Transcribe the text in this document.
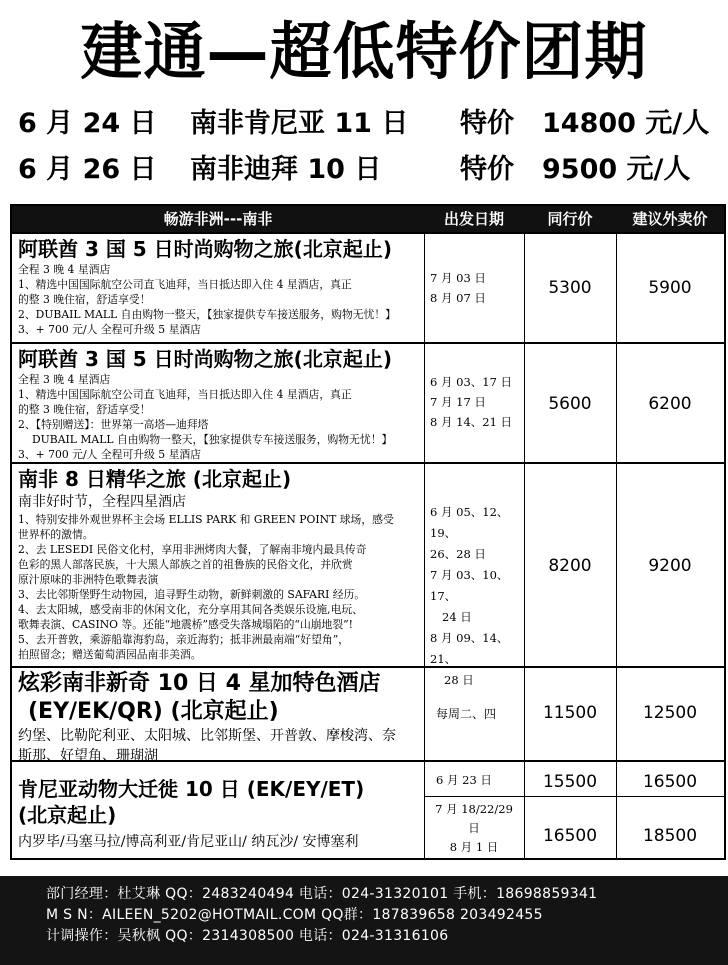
建通—超低特价团期
6 月 24 日 南非肯尼亚 11 日 特价 14800 元/人
6 月 26 日 南非迪拜 10 日	特价 9500 元/人
畅游非洲---南非	出发日期	同行价	建议外卖价
阿联酋 3 国 5 日时尚购物之旅(北京起止)
全程 3 晚 4 星酒店
1、精选中国国际航空公司直飞迪拜，当日抵达即入住 4 星酒店，真正
的整 3 晚住宿，舒适享受！
2、DUBAIL MALL 自由购物一整天，【独家提供专车接送服务，购物无忧！】
3、+ 700 元/人 全程可升级 5 星酒店
7 月 03 日
8 月 07 日	5300	5900
阿联酋 3 国 5 日时尚购物之旅(北京起止)
全程 3 晚 4 星酒店
1、精选中国国际航空公司直飞迪拜，当日抵达即入住 4 星酒店，真正
的整 3 晚住宿，舒适享受！
2、【特别赠送】：世界第一高塔—迪拜塔
DUBAIL MALL 自由购物一整天，【独家提供专车接送服务，购物无忧！】
3、+ 700 元/人 全程可升级 5 星酒店
6 月 03、17 日
7 月 17 日
8 月 14、21 日
5600	6200
南非 8 日精华之旅 (北京起止)
南非好时节，全程四星酒店
1、特别安排外观世界杯主会场 ELLIS PARK 和 GREEN POINT 球场，感受
世界杯的激情。
2、去 LESEDI 民俗文化村，享用非洲烤肉大餐，了解南非境内最具传奇
色彩的黑人部落民族，十大黑人部族之首的祖鲁族的民俗文化，并欣赏
原汁原味的非洲特色歌舞表演
3、去比邻斯堡野生动物园，追寻野生动物，新鲜刺激的 SAFARI 经历。
4、去太阳城，感受南非的休闲文化，充分享用其间各类娱乐设施,电玩、
歌舞表演、CASINO 等。还能“地震桥”感受失落城塌陷的“山崩地裂”!
5、去开普敦，乘游船靠海豹岛，亲近海豹；抵非洲最南端“好望角”，
拍照留念；赠送葡萄酒园品南非美酒。
6 月 05、12、19、
26、28 日
7 月 03、10、17、
24 日
8 月 09、14、21、
28 日
8200	9200
炫彩南非新奇 10 日 4 星加特色酒店
(EY/EK/QR) (北京起止)
约堡、比勒陀利亚、太阳城、比邻斯堡、开普敦、摩梭湾、奈
斯那、好望角、珊瑚湖
每周二、四	11500	12500
肯尼亚动物大迁徙 10 日 (EK/EY/ET)
(北京起止)
内罗毕/马塞马拉/博高利亚/肯尼亚山/ 纳瓦沙/ 安博塞利
6 月 23 日	15500	16500
7 月 18/22/29
日
8 月 1 日
16500	18500
部门经理：杜艾琳 QQ：2483240494 电话：024-31320101 手机：18698859341
M S N：AILEEN_5202@HOTMAIL.COM QQ群：187839658 203492455
计调操作：吴秋枫 QQ：2314308500 电话：024-31316106
